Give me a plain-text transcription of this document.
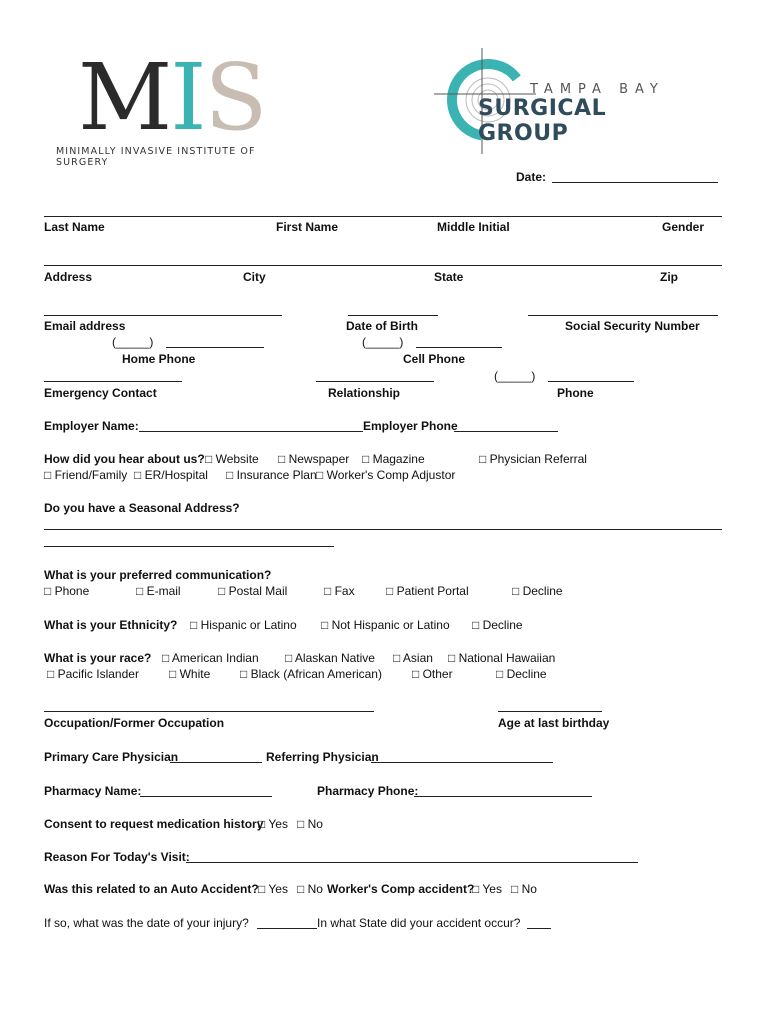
MIS
MINIMALLY INVASIVE INSTITUTE OF SURGERY
TAMPA BAY
SURGICAL GROUP
Date:
Last Name	First Name	Middle Initial	Gender
Address	City	State	Zip
Email address	Date of Birth	Social Security Number
(_____)	(_____)
Home Phone	Cell Phone
(_____)
Emergency Contact	Relationship	Phone
Employer Name:	Employer Phone
How did you hear about us? □ Website □ Newspaper □ Magazine	□ Physician Referral
□ Friend/Family □ ER/Hospital □ Insurance Plan □ Worker's Comp Adjustor
Do you have a Seasonal Address?
What is your preferred communication?
□ Phone	□ E-mail	□ Postal Mail	□ Fax	□ Patient Portal	□ Decline
What is your Ethnicity? □ Hispanic or Latino □ Not Hispanic or Latino □ Decline
What is your race? □ American Indian □ Alaskan Native □ Asian □ National Hawaiian
□ Pacific Islander	□ White □ Black (African American)	□ Other	□ Decline
Occupation/Former Occupation	Age at last birthday
Primary Care Physician	Referring Physician
Pharmacy Name:	Pharmacy Phone:
Consent to request medication history
□ Yes □ No
Reason For Today's Visit:
Was this related to an Auto Accident? □ Yes □ No Worker's Comp accident?
□ Yes □ No
If so, what was the date of your injury?	In what State did your accident occur?
